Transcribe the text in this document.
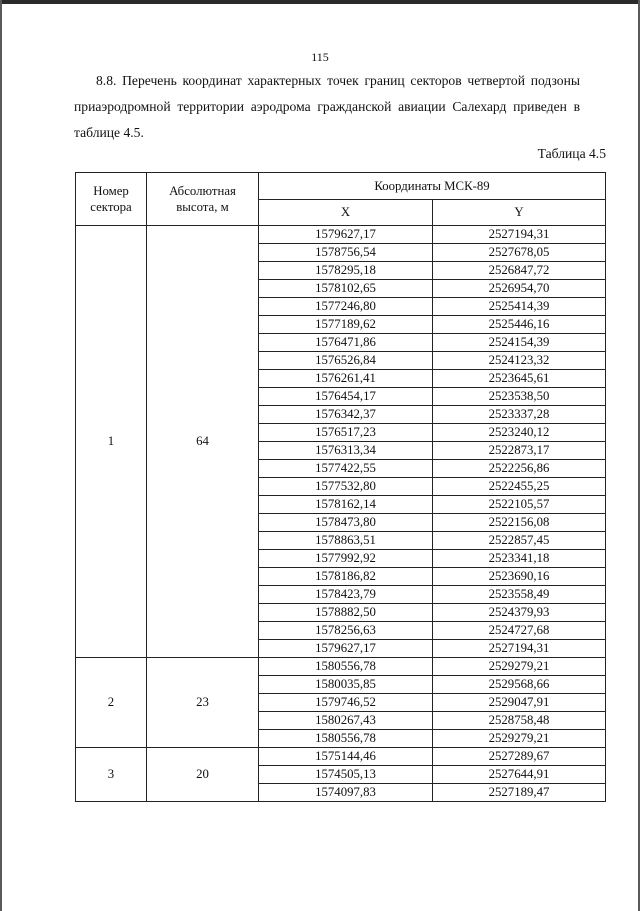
115
8.8. Перечень координат характерных точек границ секторов четвертой подзоны приаэродромной территории аэродрома гражданской авиации Салехард приведен в таблице 4.5.
Таблица 4.5
Номер сектора	Абсолютная высота, м	Координаты МСК-89	
		X	Y
1	64	1579627,17	2527194,31
		1578756,54	2527678,05
		1578295,18	2526847,72
		1578102,65	2526954,70
		1577246,80	2525414,39
		1577189,62	2525446,16
		1576471,86	2524154,39
		1576526,84	2524123,32
		1576261,41	2523645,61
		1576454,17	2523538,50
		1576342,37	2523337,28
		1576517,23	2523240,12
		1576313,34	2522873,17
		1577422,55	2522256,86
		1577532,80	2522455,25
		1578162,14	2522105,57
		1578473,80	2522156,08
		1578863,51	2522857,45
		1577992,92	2523341,18
		1578186,82	2523690,16
		1578423,79	2523558,49
		1578882,50	2524379,93
		1578256,63	2524727,68
		1579627,17	2527194,31
2	23	1580556,78	2529279,21
		1580035,85	2529568,66
		1579746,52	2529047,91
		1580267,43	2528758,48
		1580556,78	2529279,21
3	20	1575144,46	2527289,67
		1574505,13	2527644,91
		1574097,83	2527189,47
